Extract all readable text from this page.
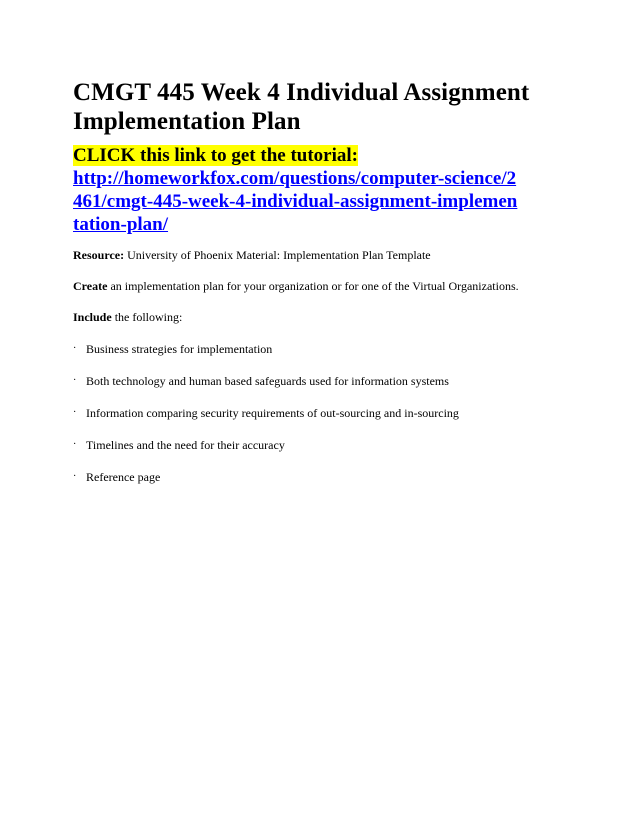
CMGT 445 Week 4 Individual Assignment Implementation Plan

CLICK this link to get the tutorial:

http://homeworkfox.com/questions/computer-science/2461/cmgt-445-week-4-individual-assignment-implementation-plan/

Resource: University of Phoenix Material: Implementation Plan Template

Create an implementation plan for your organization or for one of the Virtual Organizations.

Include the following:

· Business strategies for implementation
· Both technology and human based safeguards used for information systems
· Information comparing security requirements of out-sourcing and in-sourcing
· Timelines and the need for their accuracy
· Reference page
